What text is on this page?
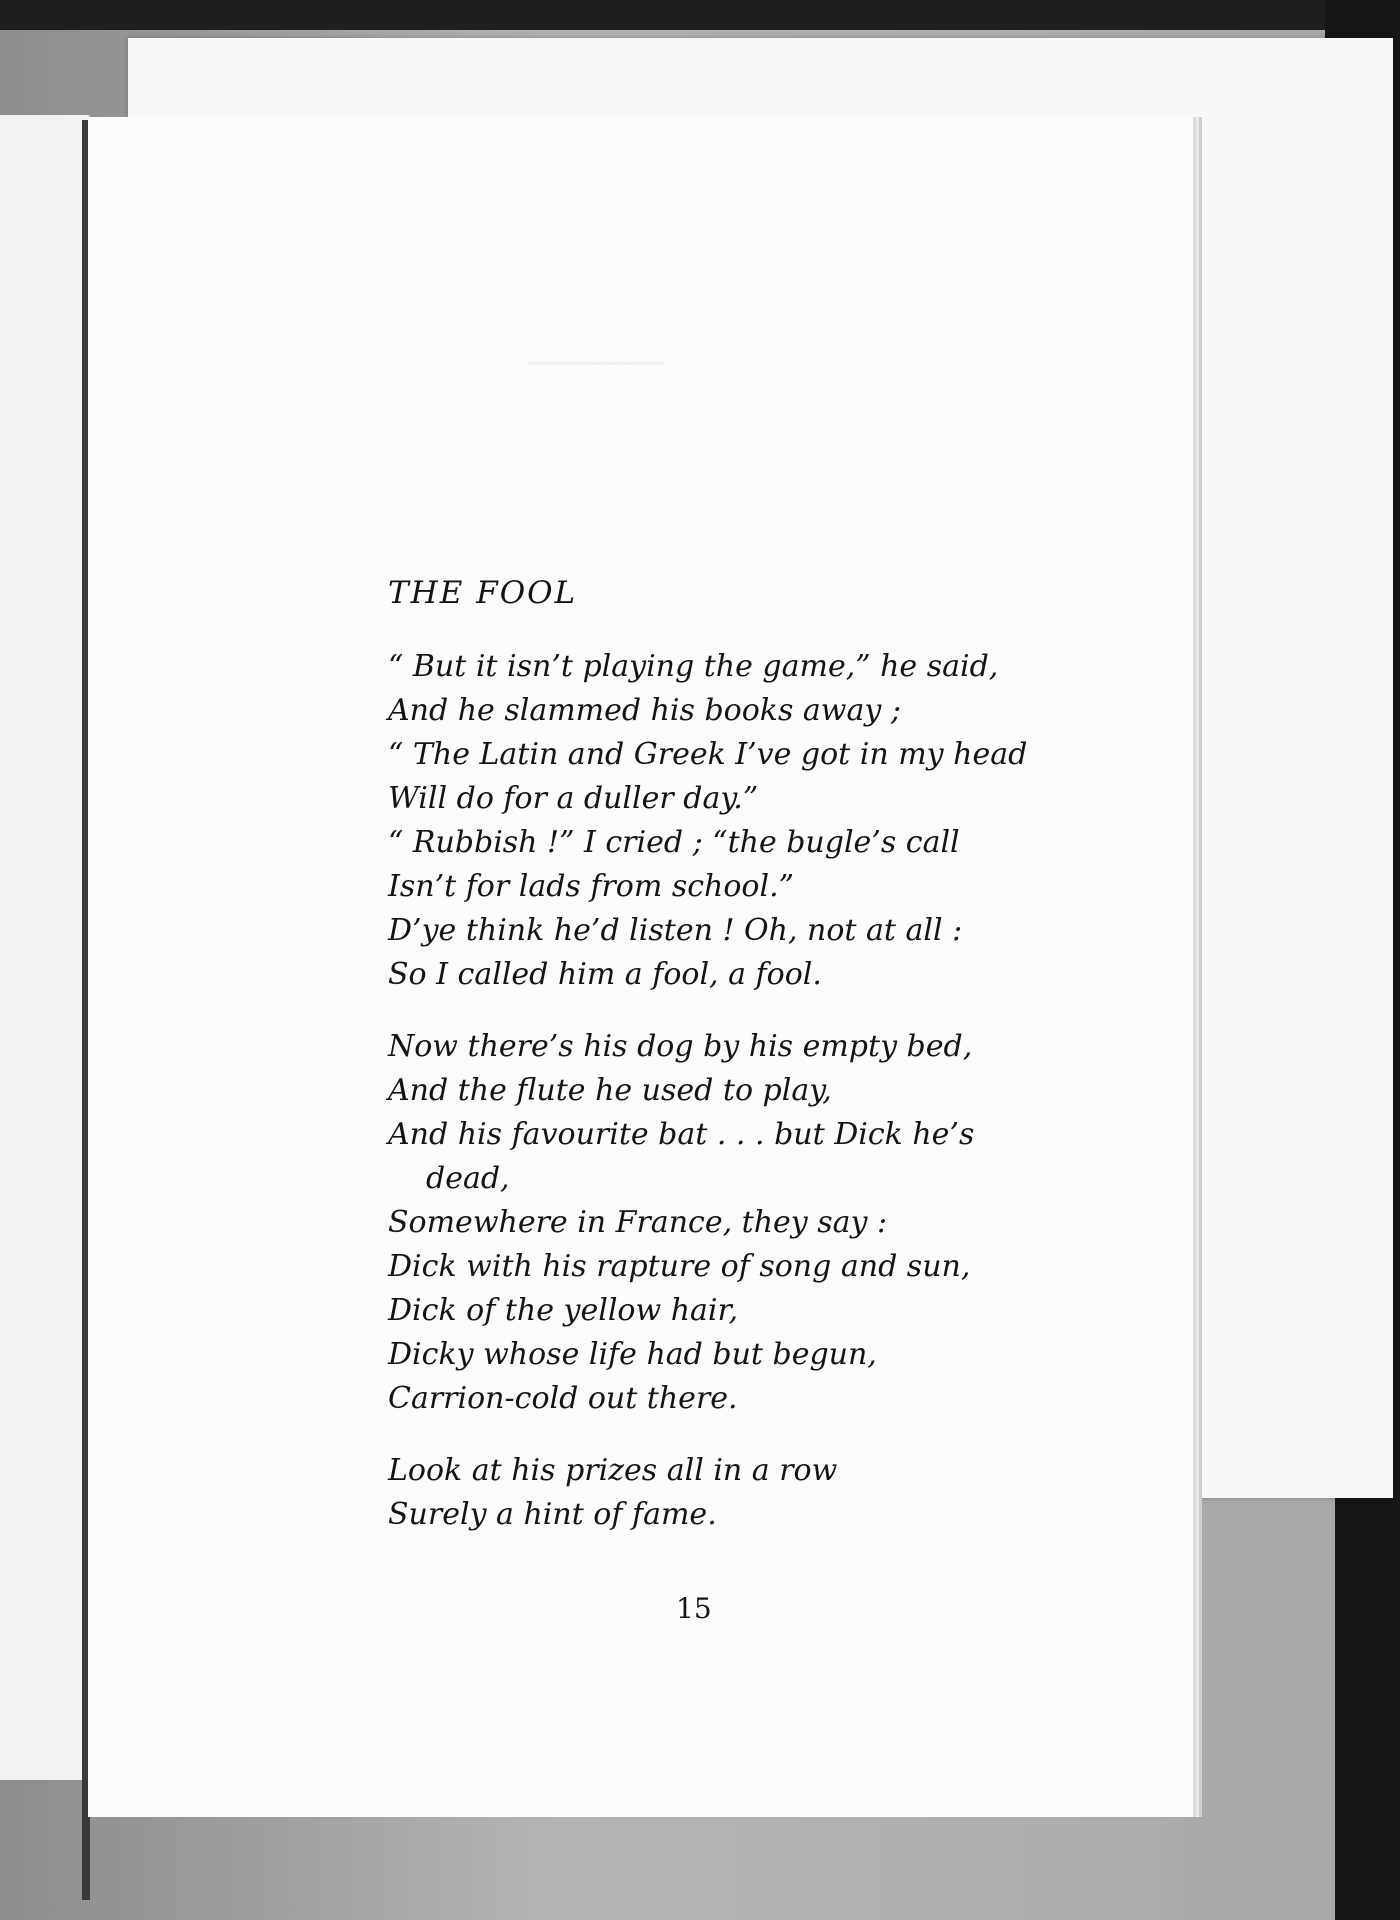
────────
THE FOOL
“ But it isn’t playing the game,” he said,
And he slammed his books away ;
“ The Latin and Greek I’ve got in my head
Will do for a duller day.”
“ Rubbish !” I cried ; “the bugle’s call
Isn’t for lads from school.”
D’ye think he’d listen ! Oh, not at all :
So I called him a fool, a fool.
Now there’s his dog by his empty bed,
And the flute he used to play,
And his favourite bat . . . but Dick he’s
dead,
Somewhere in France, they say :
Dick with his rapture of song and sun,
Dick of the yellow hair,
Dicky whose life had but begun,
Carrion-cold out there.
Look at his prizes all in a row
Surely a hint of fame.
15
